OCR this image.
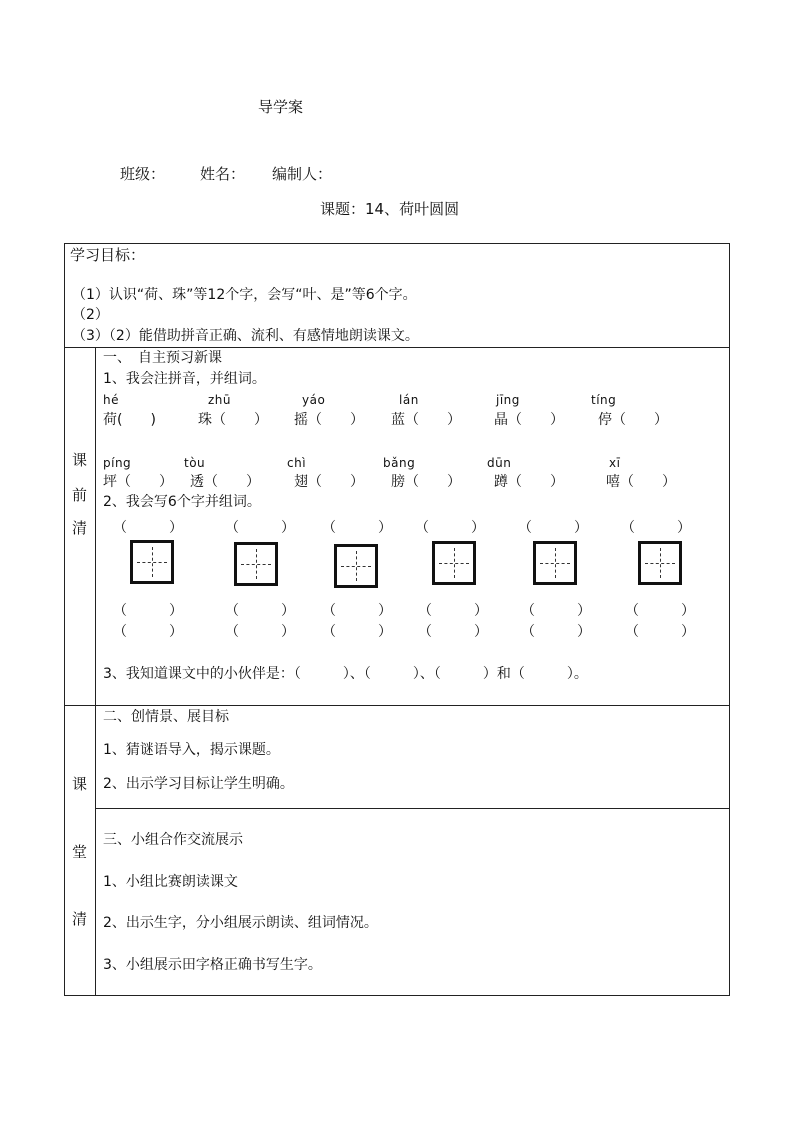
导学案
班级： 姓名： 编制人：
课题：14、荷叶圆圆
学习目标：
（1）认识“荷、珠”等12个字，会写“叶、是”等6个字。
（2）
（3）（2）能借助拼音正确、流利、有感情地朗读课文。
课
前
清
一、　自主预习新课
1、我会注拼音，并组词。
hé	zhū	yáo	lán	jīng	tíng
荷(　　)	珠（　　） 摇（　　） 蓝（　　） 晶（　　） 停（　　）
píng	tòu	chì	bǎng	dūn	xī
坪（　　） 透（　　） 翅（　　） 膀（　　） 蹲（　　）	嘻（　　）
2、我会写6个字并组词。
（　　　）	（　　　） （　　　） （　　　） （　　　） （　　　）
（　　　）	（　　　） （　　　） （　　　） （　　　） （　　　）
（　　　）	（　　　） （　　　） （　　　） （　　　） （　　　）
3、我知道课文中的小伙伴是：（　　　）、（　　　）、（　　　）和（　　　）。
课
堂
清
二、创情景、展目标
1、猜谜语导入，揭示课题。
2、出示学习目标让学生明确。
三、小组合作交流展示
1、小组比赛朗读课文
2、出示生字，分小组展示朗读、组词情况。
3、小组展示田字格正确书写生字。
